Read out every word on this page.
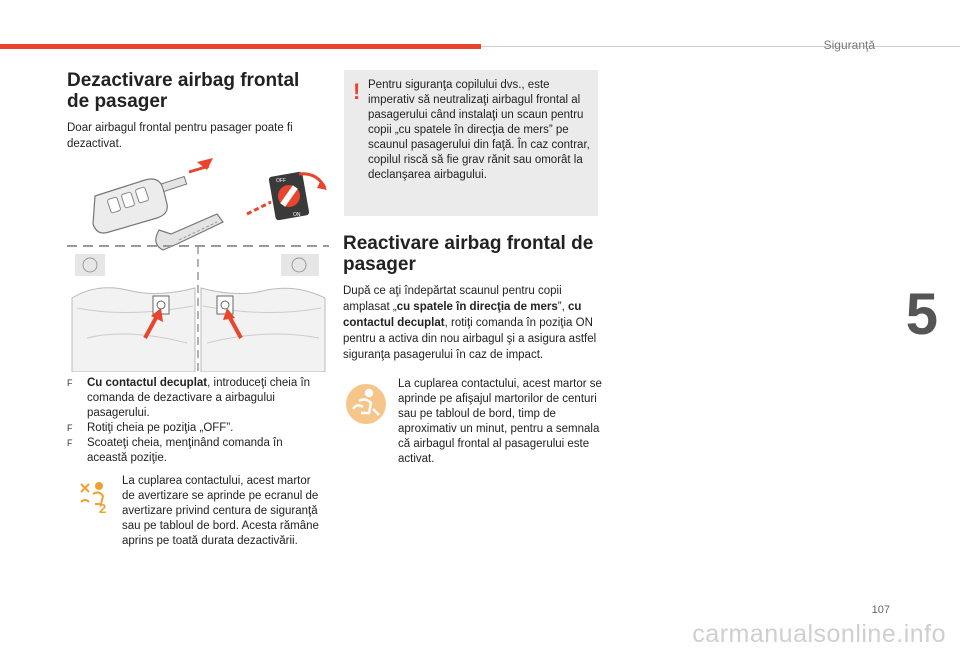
Siguranţă
5
Dezactivare airbag frontal de pasager

Doar airbagul frontal pentru pasager poate fi dezactivat.

OFF
ON
F Cu contactul decuplat, introduceţi cheia în comanda de dezactivare a airbagului pasagerului.
F Rotiţi cheia pe poziţia „OFF”.
F Scoateţi cheia, menţinând comanda în această poziţie.
2

La cuplarea contactului, acest martor de avertizare se aprinde pe ecranul de avertizare privind centura de siguranţă sau pe tabloul de bord. Acesta rămâne aprins pe toată durata dezactivării.

! Pentru siguranţa copilului dvs., este imperativ să neutralizaţi airbagul frontal al pasagerului când instalaţi un scaun pentru copii „cu spatele în direcţia de mers” pe scaunul pasagerului din faţă. În caz contrar, copilul riscă să fie grav rănit sau omorât la declanşarea airbagului.

Reactivare airbag frontal de pasager

După ce aţi îndepărtat scaunul pentru copii amplasat „cu spatele în direcţia de mers”, cu contactul decuplat, rotiţi comanda în poziţia ON pentru a activa din nou airbagul şi a asigura astfel siguranţa pasagerului în caz de impact.

La cuplarea contactului, acest martor se aprinde pe afişajul martorilor de centuri sau pe tabloul de bord, timp de aproximativ un minut, pentru a semnala că airbagul frontal al pasagerului este activat.

107
carmanualsonline.info
